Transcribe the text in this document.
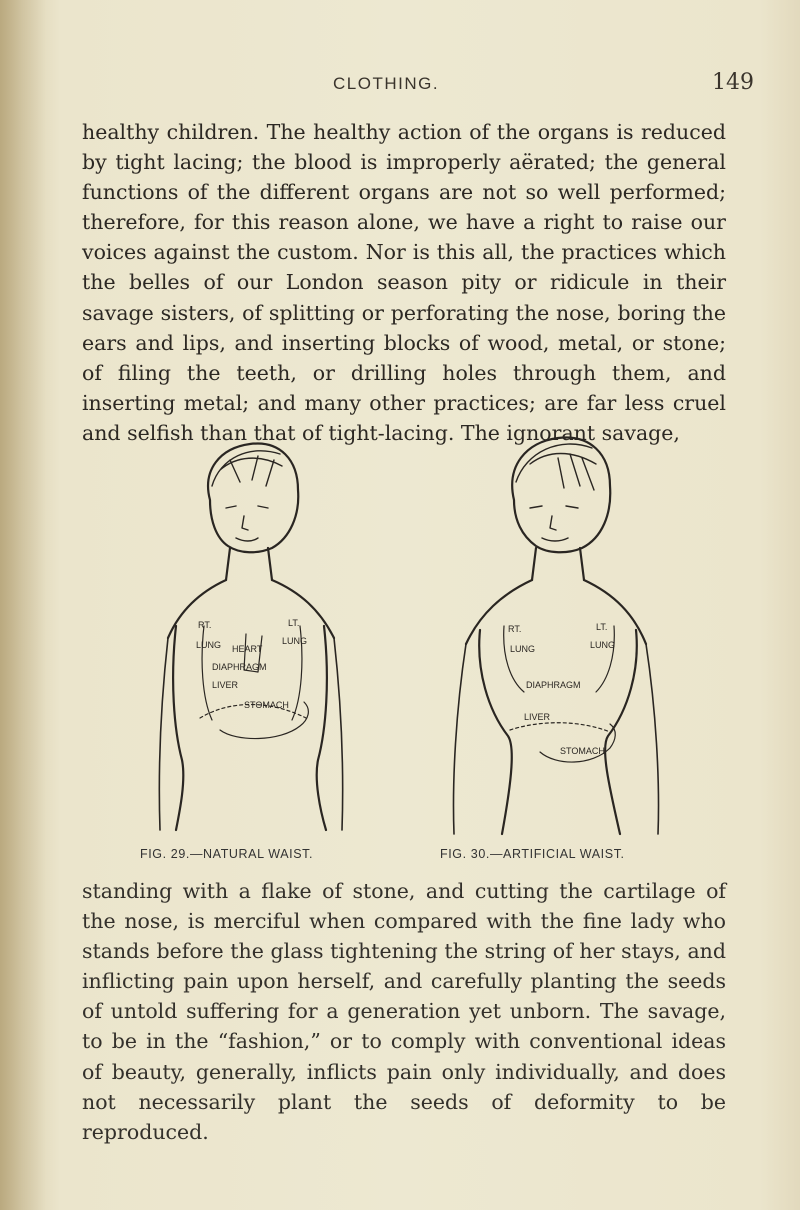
CLOTHING.	149

healthy children. The healthy action of the organs is reduced by tight lacing; the blood is improperly aërated; the general functions of the different organs are not so well performed; therefore, for this reason alone, we have a right to raise our voices against the custom. Nor is this all, the practices which the belles of our London season pity or ridicule in their savage sisters, of splitting or perforating the nose, boring the ears and lips, and inserting blocks of wood, metal, or stone; of filing the teeth, or drilling holes through them, and inserting metal; and many other practices; are far less cruel and selfish than that of tight-lacing. The ignorant savage,

RT.	LT.
LUNG	LUNG
HEART
DIAPHRAGM
LIVER
STOMACH
RT.	LT.
LUNG	LUNG
DIAPHRAGM
LIVER
STOMACH
FIG. 29.—NATURAL WAIST.	FIG. 30.—ARTIFICIAL WAIST.

standing with a flake of stone, and cutting the cartilage of the nose, is merciful when compared with the fine lady who stands before the glass tightening the string of her stays, and inflicting pain upon herself, and carefully planting the seeds of untold suffering for a generation yet unborn. The savage, to be in the “fashion,” or to comply with conventional ideas of beauty, generally, inflicts pain only individually, and does not necessarily plant the seeds of deformity to be reproduced.
